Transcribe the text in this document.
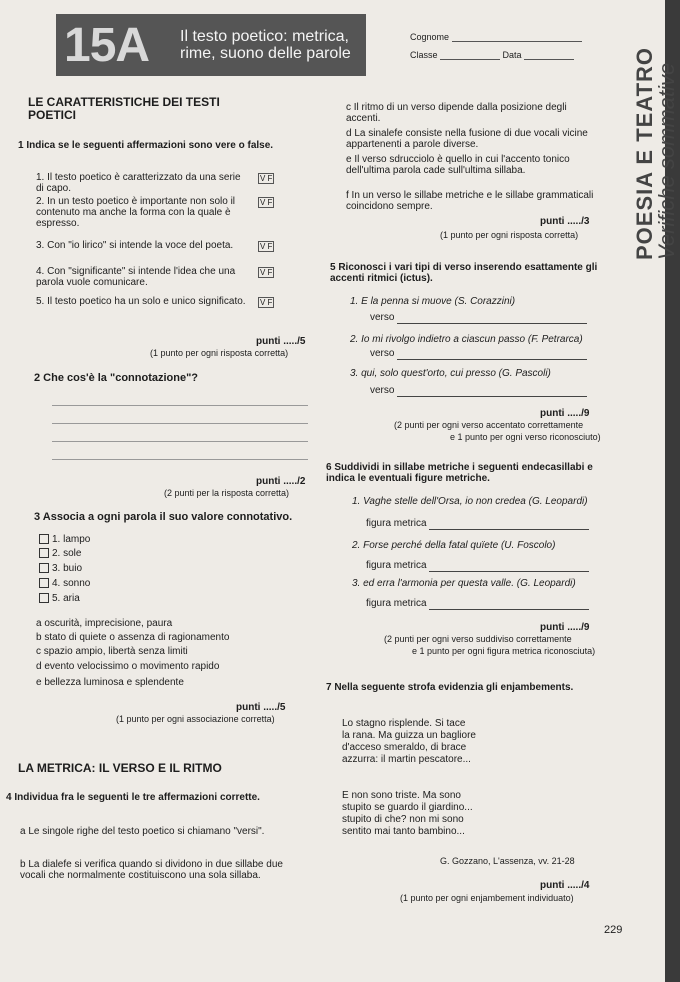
15A Il testo poetico: metrica,
rime, suono delle parole
Cognome
Classe	Data	POESIA E TEATRO
Verifiche sommative
LE CARATTERISTICHE DEI TESTI POETICI
1 Indica se le seguenti affermazioni sono vere o false.
1. Il testo poetico è caratterizzato da una serie di capo.
V F
2. In un testo poetico è importante non solo il contenuto ma anche la forma con la quale è espresso.
V F
3. Con "io lirico" si intende la voce del poeta.	V F
4. Con "significante" si intende l'idea che una parola vuole comunicare.
V F
5. Il testo poetico ha un solo e unico significato. V F
punti ...../5
(1 punto per ogni risposta corretta)
2 Che cos'è la "connotazione"?
punti ...../2
(2 punti per la risposta corretta)
3 Associa a ogni parola il suo valore connotativo.
1. lampo
2. sole
3. buio
4. sonno
5. aria
a oscurità, imprecisione, paura
b stato di quiete o assenza di ragionamento
c spazio ampio, libertà senza limiti
d evento velocissimo o movimento rapido
e bellezza luminosa e splendente
punti ...../5
(1 punto per ogni associazione corretta)
LA METRICA: IL VERSO E IL RITMO
4 Individua fra le seguenti le tre affermazioni corrette.
a Le singole righe del testo poetico si chiamano "versi".
b La dialefe si verifica quando si dividono in due sillabe due vocali che normalmente costituiscono una sola sillaba.
c Il ritmo di un verso dipende dalla posizione degli accenti.
d La sinalefe consiste nella fusione di due vocali vicine appartenenti a parole diverse.
e Il verso sdrucciolo è quello in cui l'accento tonico dell'ultima parola cade sull'ultima sillaba.
f In un verso le sillabe metriche e le sillabe grammaticali coincidono sempre.
punti ...../3
(1 punto per ogni risposta corretta)
5 Riconosci i vari tipi di verso inserendo esattamente gli accenti ritmici (ictus).
1. E la penna si muove (S. Corazzini)
verso
2. Io mi rivolgo indietro a ciascun passo (F. Petrarca)
verso
3. qui, solo quest'orto, cui presso (G. Pascoli)
verso
punti ...../9
(2 punti per ogni verso accentato correttamente
e 1 punto per ogni verso riconosciuto)
6 Suddividi in sillabe metriche i seguenti endecasillabi e indica le eventuali figure metriche.
1. Vaghe stelle dell'Orsa, io non credea (G. Leopardi)
figura metrica
2. Forse perché della fatal quïete (U. Foscolo)
figura metrica
3. ed erra l'armonia per questa valle. (G. Leopardi)
figura metrica
punti ...../9
(2 punti per ogni verso suddiviso correttamente
e 1 punto per ogni figura metrica riconosciuta)
7 Nella seguente strofa evidenzia gli enjambements.
Lo stagno risplende. Si tace
la rana. Ma guizza un bagliore
d'acceso smeraldo, di brace
azzurra: il martin pescatore...
E non sono triste. Ma sono
stupito se guardo il giardino...
stupito di che? non mi sono
sentito mai tanto bambino...
G. Gozzano, L'assenza, vv. 21-28
punti ...../4
(1 punto per ogni enjambement individuato)
229
